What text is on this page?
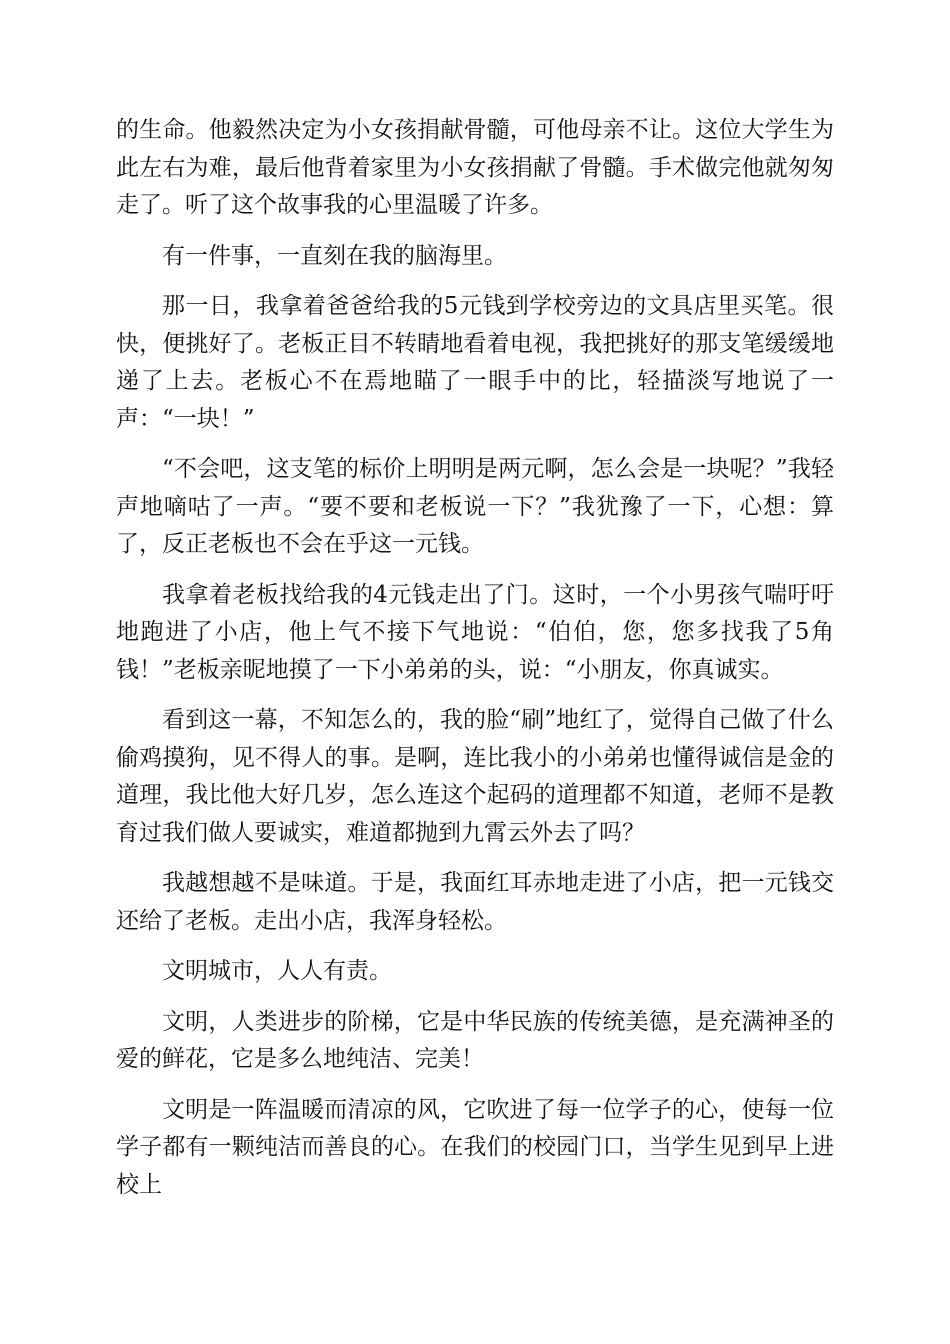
的生命。他毅然决定为小女孩捐献骨髓，可他母亲不让。这位大学生为此左右为难，最后他背着家里为小女孩捐献了骨髓。手术做完他就匆匆走了。听了这个故事我的心里温暖了许多。

有一件事，一直刻在我的脑海里。

那一日，我拿着爸爸给我的5元钱到学校旁边的文具店里买笔。很快，便挑好了。老板正目不转睛地看着电视，我把挑好的那支笔缓缓地递了上去。老板心不在焉地瞄了一眼手中的比，轻描淡写地说了一声：“一块！”

“不会吧，这支笔的标价上明明是两元啊，怎么会是一块呢？”我轻声地嘀咕了一声。“要不要和老板说一下？”我犹豫了一下，心想：算了，反正老板也不会在乎这一元钱。

我拿着老板找给我的4元钱走出了门。这时，一个小男孩气喘吁吁地跑进了小店，他上气不接下气地说：“伯伯，您，您多找我了5角钱！”老板亲昵地摸了一下小弟弟的头，说：“小朋友，你真诚实。

看到这一幕，不知怎么的，我的脸“刷”地红了，觉得自己做了什么偷鸡摸狗，见不得人的事。是啊，连比我小的小弟弟也懂得诚信是金的道理，我比他大好几岁，怎么连这个起码的道理都不知道，老师不是教育过我们做人要诚实，难道都抛到九霄云外去了吗？

我越想越不是味道。于是，我面红耳赤地走进了小店，把一元钱交还给了老板。走出小店，我浑身轻松。

文明城市，人人有责。

文明，人类进步的阶梯，它是中华民族的传统美德，是充满神圣的爱的鲜花，它是多么地纯洁、完美！

文明是一阵温暖而清凉的风，它吹进了每一位学子的心，使每一位学子都有一颗纯洁而善良的心。在我们的校园门口，当学生见到早上进校上
